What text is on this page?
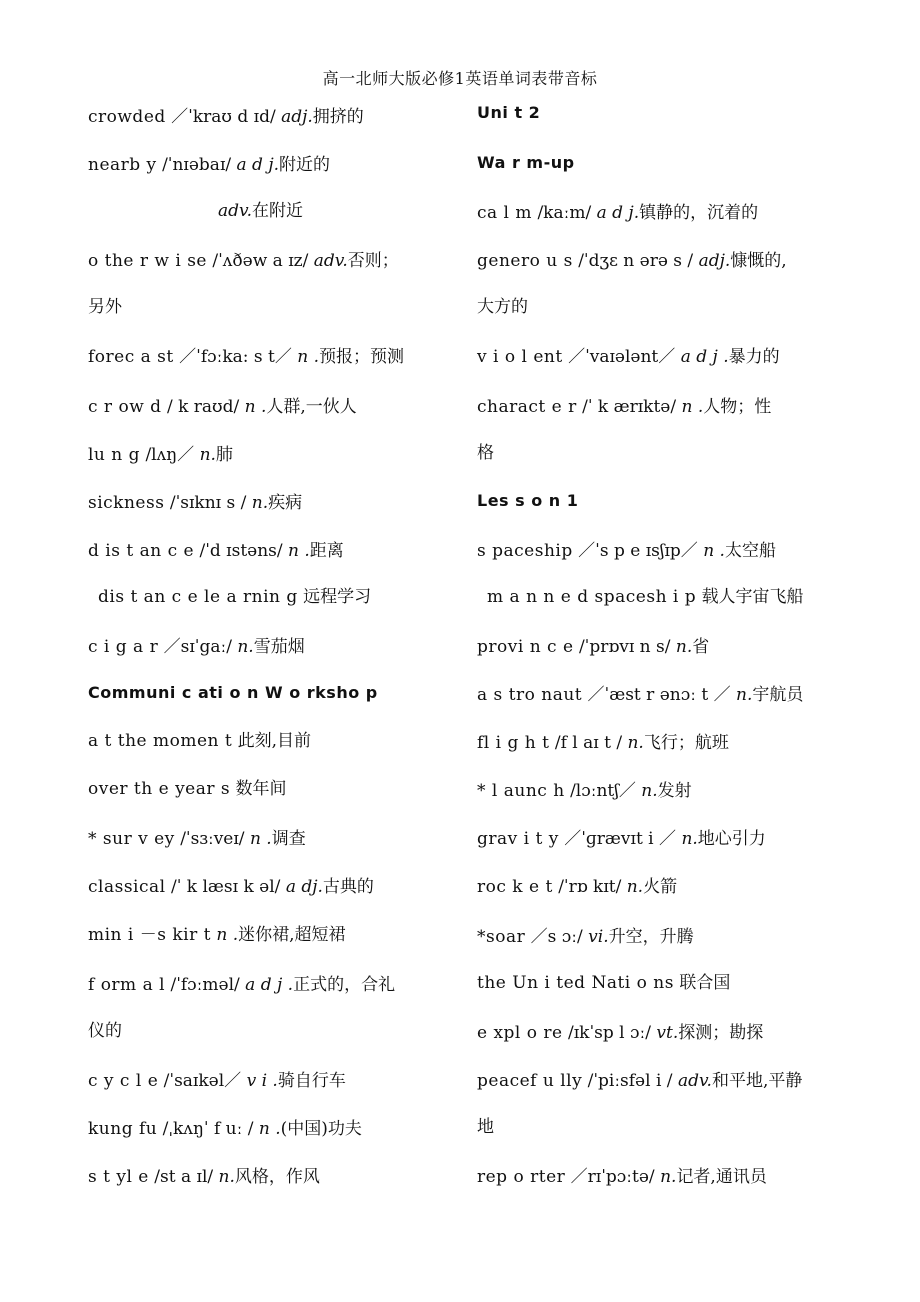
高一北师大版必修1英语单词表带音标
crowded ／ˈkraʊ d ɪd/ adj.拥挤的
nearb y /ˈnɪəbaɪ/ a d j.附近的
adv.在附近
o the r w i se /ˈʌðəw a ɪz/ adv.否则；
另外
forec a st ／ˈfɔːka: s t／ n .预报；预测
c r ow d / k raʊd/ n .人群,一伙人
lu n g /lʌŋ／ n.肺
sickness /ˈsɪknɪ s / n.疾病
d is t an c e /ˈd ɪstəns/ n .距离
dis t an c e le a rnin g 远程学习
c i g a r ／sɪˈgaː/ n.雪茄烟
Communi c ati o n W o rksho p
a t the momen t 此刻,目前
over th e year s 数年间
* sur v ey /ˈsɜːveɪ/ n .调查
classical /ˈ k læsɪ k əl/ a dj.古典的
min i －s kir t n .迷你裙,超短裙
f orm a l /ˈfɔːməl/ a d j .正式的，合礼
仪的
c y c l e /ˈsaɪkəl／ v i .骑自行车
kung fu /ˌkʌŋˈ f uː / n .(中国)功夫
s t yl e /st a ɪl/ n.风格，作风
Uni t 2
Wa r m-up
ca l m /kaːm/ a d j.镇静的，沉着的
genero u s /ˈdʒɛ n ərə s / adj.慷慨的,
大方的
v i o l ent ／ˈvaɪələnt／ a d j .暴力的
charact e r /ˈ k ærɪktə/ n .人物；性
格
Les s o n 1
s paceship ／ˈs p e ɪsʃɪp／ n .太空船
m a n n e d spacesh i p 载人宇宙飞船
provi n c e /ˈprɒvɪ n s/ n.省
a s tro naut ／ˈæst r ənɔː t ／ n.宇航员
fl i g h t /f l aɪ t / n.飞行；航班
* l aunc h /lɔːntʃ／ n.发射
grav i t y ／ˈɡrævɪt i ／ n.地心引力
roc k e t /ˈrɒ kɪt/ n.火箭
*soar ／s ɔː/ vi.升空，升腾
the Un i ted Nati o ns 联合国
e xpl o re /ɪkˈsp l ɔː/ vt.探测；勘探
peacef u lly /ˈpiːsfəl i / adv.和平地,平静
地
rep o rter ／rɪˈpɔːtə/ n.记者,通讯员
